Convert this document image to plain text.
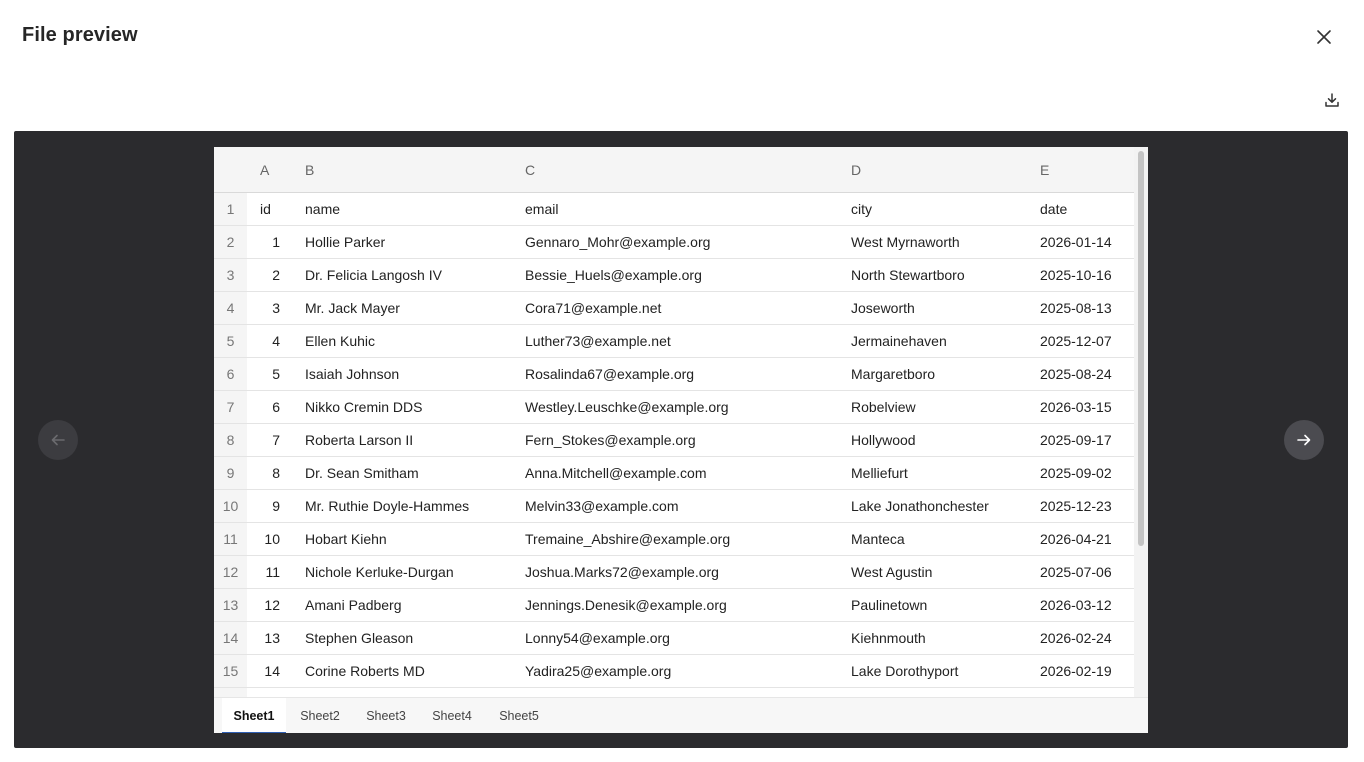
File preview
	A	B	C	D	E
1	id	name	email	city	date
2	1	Hollie Parker	Gennaro_Mohr@example.org	West Myrnaworth	2026-01-14
3	2	Dr. Felicia Langosh IV	Bessie_Huels@example.org	North Stewartboro	2025-10-16
4	3	Mr. Jack Mayer	Cora71@example.net	Joseworth	2025-08-13
5	4	Ellen Kuhic	Luther73@example.net	Jermainehaven	2025-12-07
6	5	Isaiah Johnson	Rosalinda67@example.org	Margaretboro	2025-08-24
7	6	Nikko Cremin DDS	Westley.Leuschke@example.org	Robelview	2026-03-15
8	7	Roberta Larson II	Fern_Stokes@example.org	Hollywood	2025-09-17
9	8	Dr. Sean Smitham	Anna.Mitchell@example.com	Melliefurt	2025-09-02
10	9	Mr. Ruthie Doyle-Hammes	Melvin33@example.com	Lake Jonathonchester	2025-12-23
11	10	Hobart Kiehn	Tremaine_Abshire@example.org	Manteca	2026-04-21
12	11	Nichole Kerluke-Durgan	Joshua.Marks72@example.org	West Agustin	2025-07-06
13	12	Amani Padberg	Jennings.Denesik@example.org	Paulinetown	2026-03-12
14	13	Stephen Gleason	Lonny54@example.org	Kiehnmouth	2026-02-24
15	14	Corine Roberts MD	Yadira25@example.org	Lake Dorothyport	2026-02-19

Sheet1	Sheet2	Sheet3	Sheet4	Sheet5
